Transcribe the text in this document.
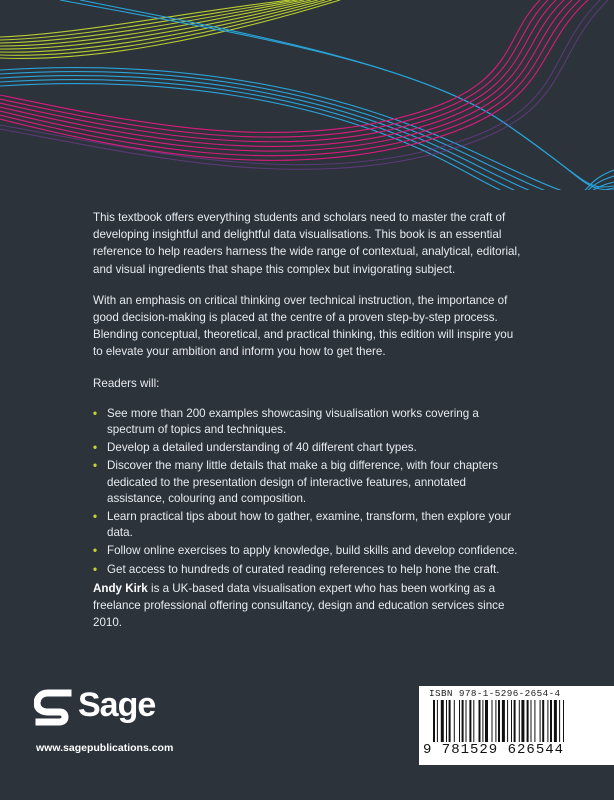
This textbook offers everything students and scholars need to master the craft of developing insightful and delightful data visualisations. This book is an essential reference to help readers harness the wide range of contextual, analytical, editorial, and visual ingredients that shape this complex but invigorating subject.

With an emphasis on critical thinking over technical instruction, the importance of good decision-making is placed at the centre of a proven step-by-step process. Blending conceptual, theoretical, and practical thinking, this edition will inspire you to elevate your ambition and inform you how to get there.

Readers will:

• See more than 200 examples showcasing visualisation works covering a spectrum of topics and techniques.
• Develop a detailed understanding of 40 different chart types.
• Discover the many little details that make a big difference, with four chapters dedicated to the presentation design of interactive features, annotated assistance, colouring and composition.
• Learn practical tips about how to gather, examine, transform, then explore your data.
• Follow online exercises to apply knowledge, build skills and develop confidence.
• Get access to hundreds of curated reading references to help hone the craft.

Andy Kirk is a UK-based data visualisation expert who has been working as a freelance professional offering consultancy, design and education services since 2010.

Sage
www.sagepublications.com
ISBN 978-1-5296-2654-4
9 781529 626544
